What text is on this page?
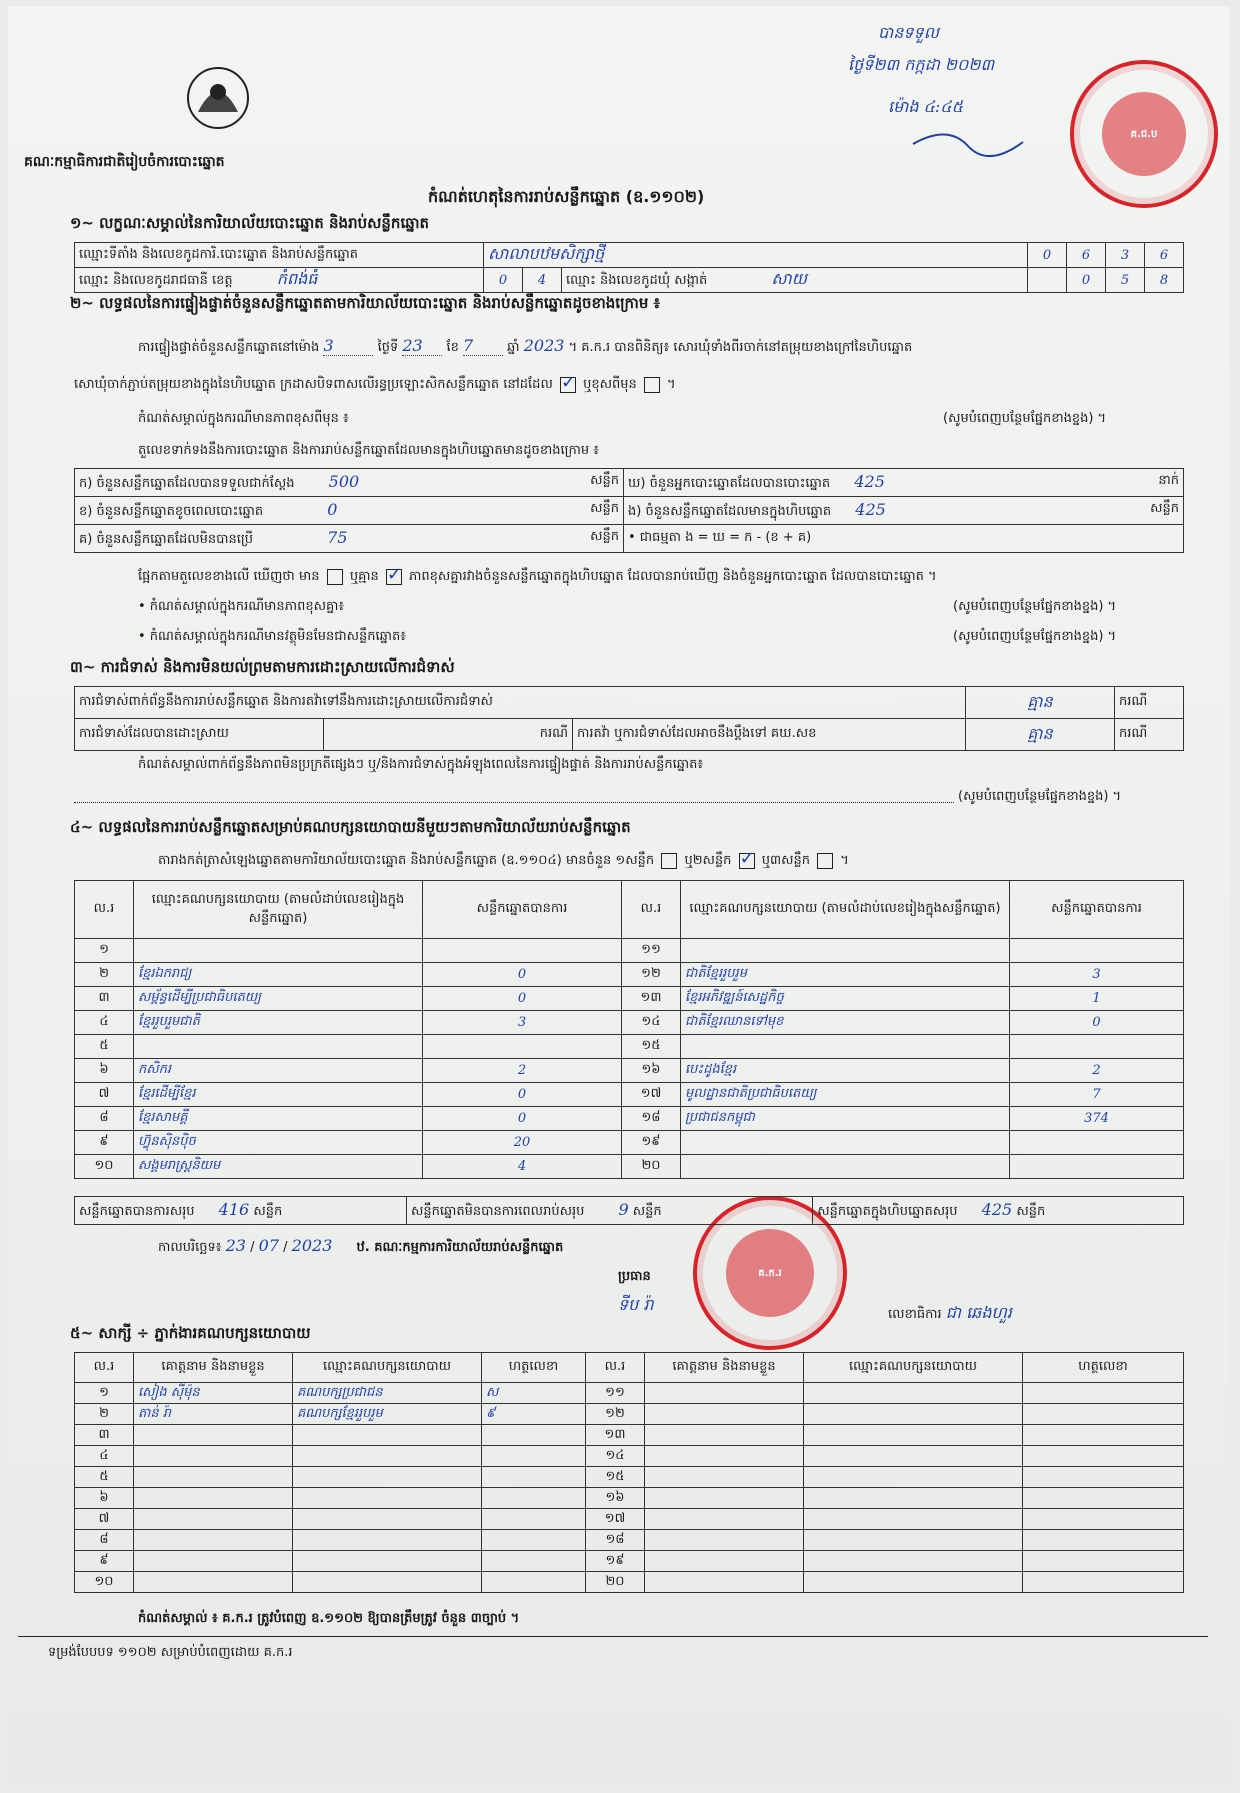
គណៈកម្មាធិការជាតិរៀបចំការបោះឆ្នោត
កំណត់ហេតុនៃការរាប់សន្លឹកឆ្នោត (ឧ.១១០២)
បានទទួល
ថ្ងៃទី២៣ កក្កដា ២០២៣
ម៉ោង ៤:៤៥
គ.ជ.ប
គ.ក.រ
១~ លក្ខណៈសម្គាល់នៃការិយាល័យបោះឆ្នោត និងរាប់សន្លឹកឆ្នោត
ឈ្មោះទីតាំង និងលេខកូដការិ.បោះឆ្នោត និងរាប់សន្លឹកឆ្នោត	សាលាបឋមសិក្សាថ្មី			0	6	3	6
ឈ្មោះ និងលេខកូដរាជធានី ខេត្ត កំពង់ធំ	0	4	ឈ្មោះ និងលេខកូដឃុំ សង្កាត់ សាយ		0	5	8
២~ លទ្ធផលនៃការផ្ទៀងផ្ទាត់ចំនួនសន្លឹកឆ្នោតតាមការិយាល័យបោះឆ្នោត និងរាប់សន្លឹកឆ្នោតដូចខាងក្រោម ៖
ការផ្ទៀងផ្ទាត់ចំនួនសន្លឹកឆ្នោតនៅម៉ោង 3	ថ្ងៃទី 23 ខែ 7	ឆ្នាំ 2023 ។ គ.ក.រ បានពិនិត្យ៖ សោរឃុំទាំងពីរចាក់នៅតម្រុយខាងក្រៅនៃហិបឆ្នោត
សោឃុំចាក់ភ្ជាប់តម្រុយខាងក្នុងនៃហិបឆ្នោត ក្រដាសបិទពាសលើរន្ធប្រឡោះសិកសន្លឹកឆ្នោត នៅដដែល ✓ ឬខុសពីមុន  ។
កំណត់សម្គាល់ក្នុងករណីមានភាពខុសពីមុន ៖	(សូមបំពេញបន្ថែមផ្នែកខាងខ្នង) ។
តួលេខទាក់ទងនឹងការបោះឆ្នោត និងការរាប់សន្លឹកឆ្នោតដែលមានក្នុងហិបឆ្នោតមានដូចខាងក្រោម ៖
ក) ចំនួនសន្លឹកឆ្នោតដែលបានទទួលជាក់ស្តែង 500 សន្លឹក	ឃ) ចំនួនអ្នកបោះឆ្នោតដែលបានបោះឆ្នោត 425 នាក់

ខ) ចំនួនសន្លឹកឆ្នោតខូចពេលបោះឆ្នោត 0 សន្លឹក	ង) ចំនួនសន្លឹកឆ្នោតដែលមានក្នុងហិបឆ្នោត 425 សន្លឹក

គ) ចំនួនសន្លឹកឆ្នោតដែលមិនបានប្រើ 75 សន្លឹក	• ជាធម្មតា ង = ឃ = ក - (ខ + គ)
ផ្អែកតាមតួលេខខាងលើ ឃើញថា មាន ឬគ្មាន ✓ ភាពខុសគ្នារវាងចំនួនសន្លឹកឆ្នោតក្នុងហិបឆ្នោត ដែលបានរាប់ឃើញ និងចំនួនអ្នកបោះឆ្នោត ដែលបានបោះឆ្នោត ។
• កំណត់សម្គាល់ក្នុងករណីមានភាពខុសគ្នា៖	(សូមបំពេញបន្ថែមផ្នែកខាងខ្នង) ។
• កំណត់សម្គាល់ក្នុងករណីមានវត្ថុមិនមែនជាសន្លឹកឆ្នោត៖	(សូមបំពេញបន្ថែមផ្នែកខាងខ្នង) ។
៣~ ការជំទាស់ និងការមិនយល់ព្រមតាមការដោះស្រាយលើការជំទាស់
ការជំទាស់ពាក់ព័ន្ធនឹងការរាប់សន្លឹកឆ្នោត និងការតវ៉ាទៅនឹងការដោះស្រាយលើការជំទាស់			គ្មាន	ករណី
ការជំទាស់ដែលបានដោះស្រាយ	ករណី	ការតវ៉ា ឬការជំទាស់ដែលអាចនឹងប្តឹងទៅ គឃ.សខ	គ្មាន	ករណី
កំណត់សម្គាល់ពាក់ព័ន្ធនឹងភាពមិនប្រក្រតីផ្សេងៗ ឬ/និងការជំទាស់ក្នុងអំឡុងពេលនៃការផ្ទៀងផ្ទាត់ និងការរាប់សន្លឹកឆ្នោត៖
(សូមបំពេញបន្ថែមផ្នែកខាងខ្នង) ។
៤~ លទ្ធផលនៃការរាប់សន្លឹកឆ្នោតសម្រាប់គណបក្សនយោបាយនីមួយៗតាមការិយាល័យរាប់សន្លឹកឆ្នោត
តារាងកត់ត្រាសំឡេងឆ្នោតតាមការិយាល័យបោះឆ្នោត និងរាប់សន្លឹកឆ្នោត (ឧ.១១០៤) មានចំនួន ១សន្លឹក ឬ២សន្លឹក ✓ ឬ៣សន្លឹក  ។
ល.រ	ឈ្មោះគណបក្សនយោបាយ (តាមលំដាប់លេខរៀងក្នុងសន្លឹកឆ្នោត)	សន្លឹកឆ្នោតបានការ	ល.រ	ឈ្មោះគណបក្សនយោបាយ (តាមលំដាប់លេខរៀងក្នុងសន្លឹកឆ្នោត)	សន្លឹកឆ្នោតបានការ
១			១១		
២	ខ្មែរឯករាជ្យ	0	១២	ជាតិខ្មែររួបរួម	3
៣	សម្ព័ន្ធដើម្បីប្រជាធិបតេយ្យ	0	១៣	ខ្មែរអភិវឌ្ឍន៍សេដ្ឋកិច្ច	1
៤	ខ្មែររួបរួមជាតិ	3	១៤	ជាតិខ្មែរឈានទៅមុខ	0
៥			១៥		
៦	កសិករ	2	១៦	បេះដូងខ្មែរ	2
៧	ខ្មែរដើម្បីខ្មែរ	0	១៧	មូលដ្ឋានជាតិប្រជាធិបតេយ្យ	7
៨	ខ្មែរសាមគ្គី	0	១៨	ប្រជាជនកម្ពុជា	374
៩	ហ៊្វុនស៊ិនប៉ិច	20	១៩		
១០	សង្គមរាស្ត្រនិយម	4	២០		
សន្លឹកឆ្នោតបានការសរុប 416 សន្លឹក	សន្លឹកឆ្នោតមិនបានការពេលរាប់សរុប 9 សន្លឹក	សន្លឹកឆ្នោតក្នុងហិបឆ្នោតសរុប 425 សន្លឹក
កាលបរិច្ឆេទ៖ 23 / 07 / 2023 ឋ. គណៈកម្មការការិយាល័យរាប់សន្លឹកឆ្នោត
ប្រធាន
ទីប រ៉ា
លេខាធិការ ជា ឆេងហួរ
៥~ សាក្សី ÷ ភ្នាក់ងារគណបក្សនយោបាយ
ល.រ	គោត្តនាម និងនាមខ្លួន	ឈ្មោះគណបក្សនយោបាយ	ហត្ថលេខា	ល.រ	គោត្តនាម និងនាមខ្លួន	ឈ្មោះគណបក្សនយោបាយ	ហត្ថលេខា
១	សៀង ស៊ីម៉ុន	គណបក្សប្រជាជន	ស	១១			
២	តាន់ រ៉ា	គណបក្សខ្មែររួបរួម	៩	១២			
៣				១៣			
៤				១៤			
៥				១៥			
៦				១៦			
៧				១៧			
៨				១៨			
៩				១៩			
១០				២០			
កំណត់សម្គាល់ ៖ គ.ក.រ ត្រូវបំពេញ ឧ.១១០២ ឱ្យបានត្រឹមត្រូវ ចំនួន ៣ច្បាប់ ។
ទម្រង់បែបបទ ១១០២ សម្រាប់បំពេញដោយ គ.ក.រ
